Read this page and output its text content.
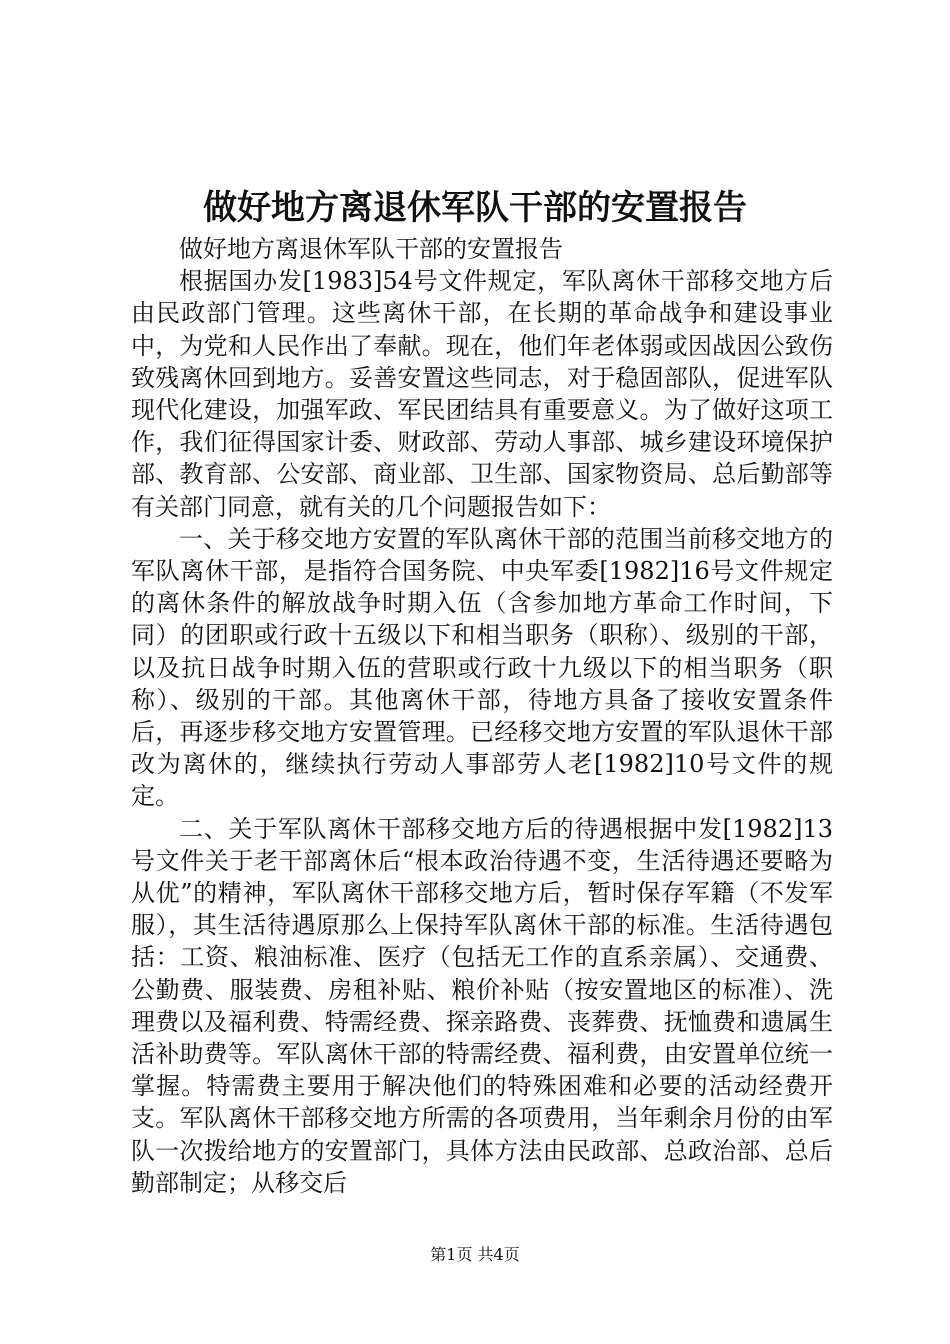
做好地方离退休军队干部的安置报告

做好地方离退休军队干部的安置报告

根据国办发[1983]54号文件规定，军队离休干部移交地方后由民政部门管理。这些离休干部，在长期的革命战争和建设事业中，为党和人民作出了奉献。现在，他们年老体弱或因战因公致伤致残离休回到地方。妥善安置这些同志，对于稳固部队，促进军队现代化建设，加强军政、军民团结具有重要意义。为了做好这项工作，我们征得国家计委、财政部、劳动人事部、城乡建设环境保护部、教育部、公安部、商业部、卫生部、国家物资局、总后勤部等有关部门同意，就有关的几个问题报告如下：

一、关于移交地方安置的军队离休干部的范围当前移交地方的军队离休干部，是指符合国务院、中央军委[1982]16号文件规定的离休条件的解放战争时期入伍（含参加地方革命工作时间，下同）的团职或行政十五级以下和相当职务（职称）、级别的干部，以及抗日战争时期入伍的营职或行政十九级以下的相当职务（职称）、级别的干部。其他离休干部，待地方具备了接收安置条件后，再逐步移交地方安置管理。已经移交地方安置的军队退休干部改为离休的，继续执行劳动人事部劳人老[1982]10号文件的规定。

二、关于军队离休干部移交地方后的待遇根据中发[1982]13号文件关于老干部离休后“根本政治待遇不变，生活待遇还要略为从优”的精神，军队离休干部移交地方后，暂时保存军籍（不发军服），其生活待遇原那么上保持军队离休干部的标准。生活待遇包括：工资、粮油标准、医疗（包括无工作的直系亲属）、交通费、公勤费、服装费、房租补贴、粮价补贴（按安置地区的标准）、洗理费以及福利费、特需经费、探亲路费、丧葬费、抚恤费和遗属生活补助费等。军队离休干部的特需经费、福利费，由安置单位统一掌握。特需费主要用于解决他们的特殊困难和必要的活动经费开支。军队离休干部移交地方所需的各项费用，当年剩余月份的由军队一次拨给地方的安置部门，具体方法由民政部、总政治部、总后勤部制定；从移交后

第1页 共4页
